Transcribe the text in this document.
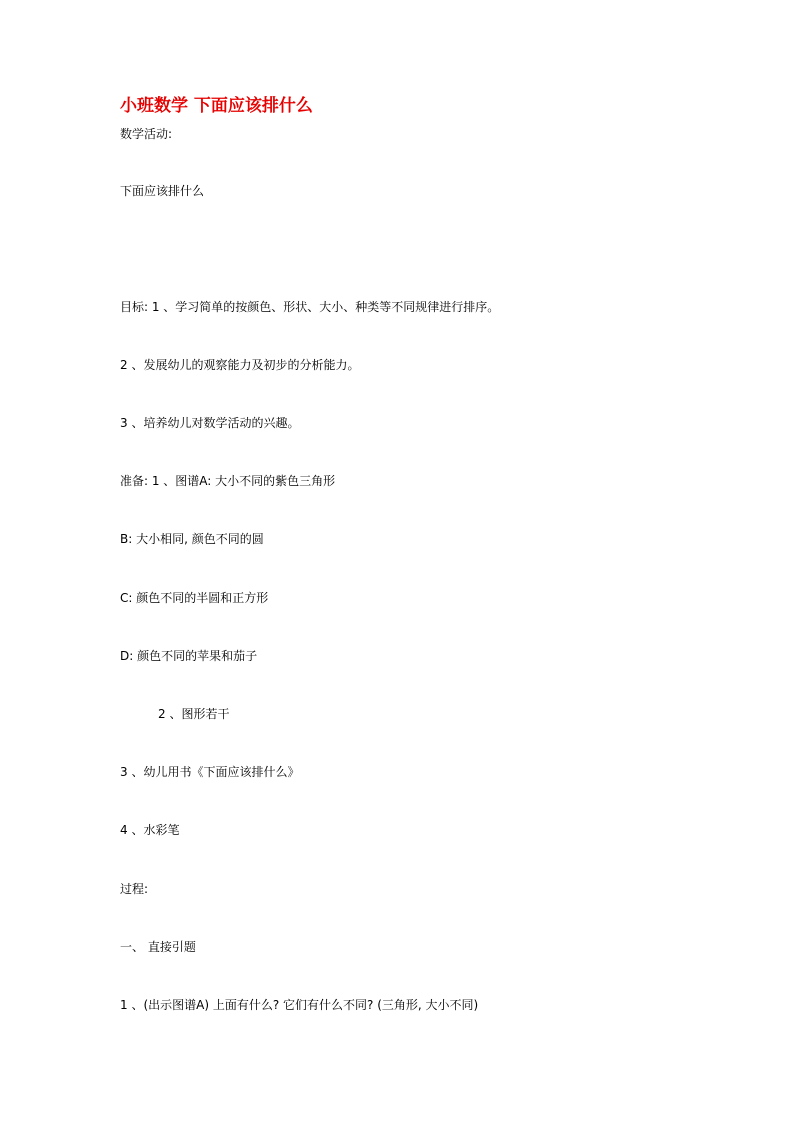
小班数学 下面应该排什么
数学活动:
下面应该排什么
目标: 1 、学习简单的按颜色、形状、大小、种类等不同规律进行排序。
2 、发展幼儿的观察能力及初步的分析能力。
3 、培养幼儿对数学活动的兴趣。
准备: 1 、图谱A: 大小不同的紫色三角形
B: 大小相同, 颜色不同的圆
C: 颜色不同的半圆和正方形
D: 颜色不同的苹果和茄子
2 、图形若干
3 、幼儿用书《下面应该排什么》
4 、水彩笔
过程:
一、 直接引题
1 、(出示图谱A) 上面有什么? 它们有什么不同? (三角形, 大小不同)
